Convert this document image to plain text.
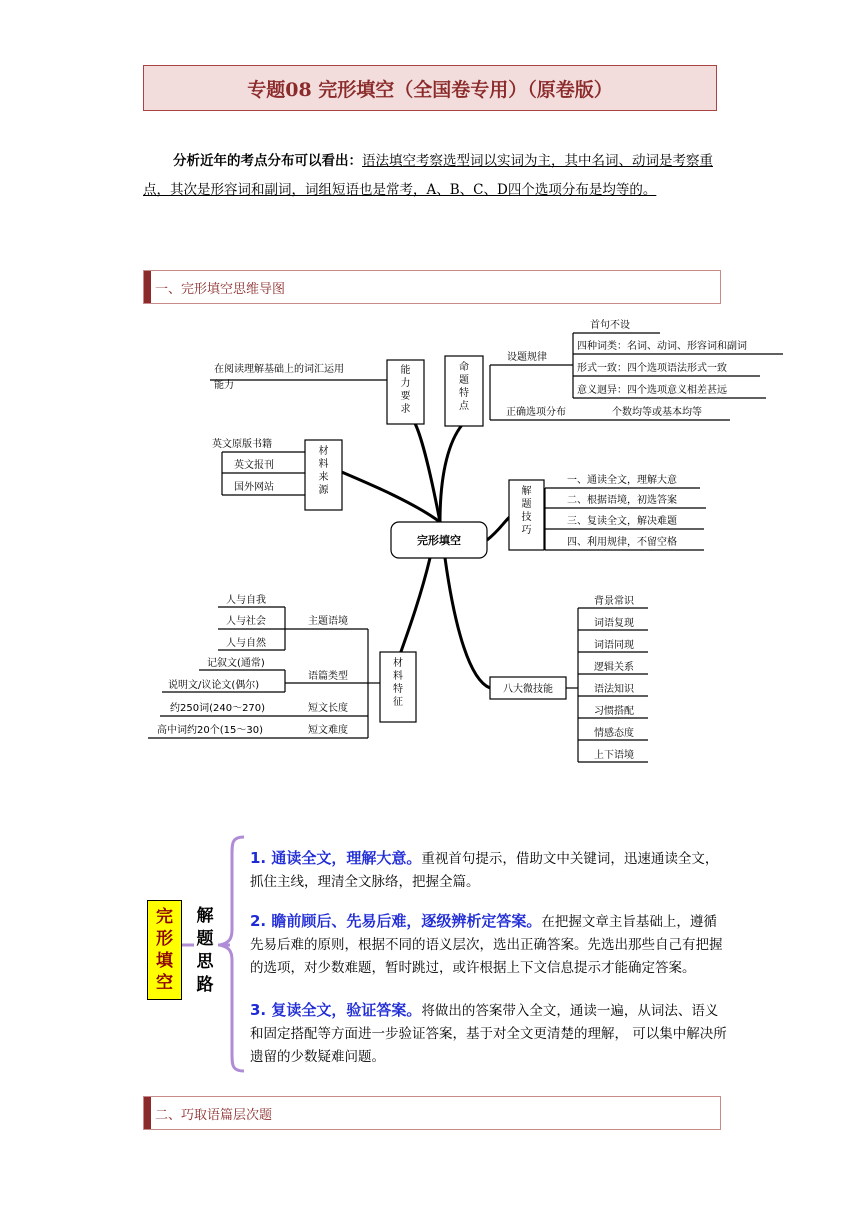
专题08 完形填空（全国卷专用）（原卷版）
分析近年的考点分布可以看出：语法填空考察选型词以实词为主，其中名词、动词是考察重点，其次是形容词和副词，词组短语也是常考，A、B、C、D四个选项分布是均等的。
一、完形填空思维导图
完形填空
能
力
要
求
命
题
特
点
材
料
来
源	解
题
技
巧
材
料
特
征
在阅读理解基础上的词汇运用
能力
设题规律
首句不设
四种词类：名词、动词、形容词和副词
形式一致：四个选项语法形式一致
意义迥异：四个选项意义相差甚远
正确选项分布	个数均等或基本均等
英文原版书籍
英文报刊
国外网站
一、通读全文，理解大意
二、根据语境，初选答案
三、复读全文，解决难题
四、利用规律，不留空格
人与自我
人与社会
人与自然
主题语境
记叙文(通常)
说明文/议论文(偶尔)
语篇类型
约250词(240～270)	短文长度
高中词约20个(15～30)	短文难度
八大微技能
背景常识
词语复现
词语同现
逻辑关系
语法知识
习惯搭配
情感态度
上下语境
完
形
填
空
解
题
思
路
1. 通读全文，理解大意。重视首句提示，借助文中关键词，迅速通读全文，抓住主线，理清全文脉络，把握全篇。
2. 瞻前顾后、先易后难，逐级辨析定答案。在把握文章主旨基础上，遵循先易后难的原则，根据不同的语义层次，选出正确答案。先选出那些自己有把握的选项，对少数难题，暂时跳过，或许根据上下文信息提示才能确定答案。
3. 复读全文，验证答案。将做出的答案带入全文，通读一遍，从词法、语义和固定搭配等方面进一步验证答案，基于对全文更清楚的理解， 可以集中解决所遗留的少数疑难问题。
二、巧取语篇层次题
